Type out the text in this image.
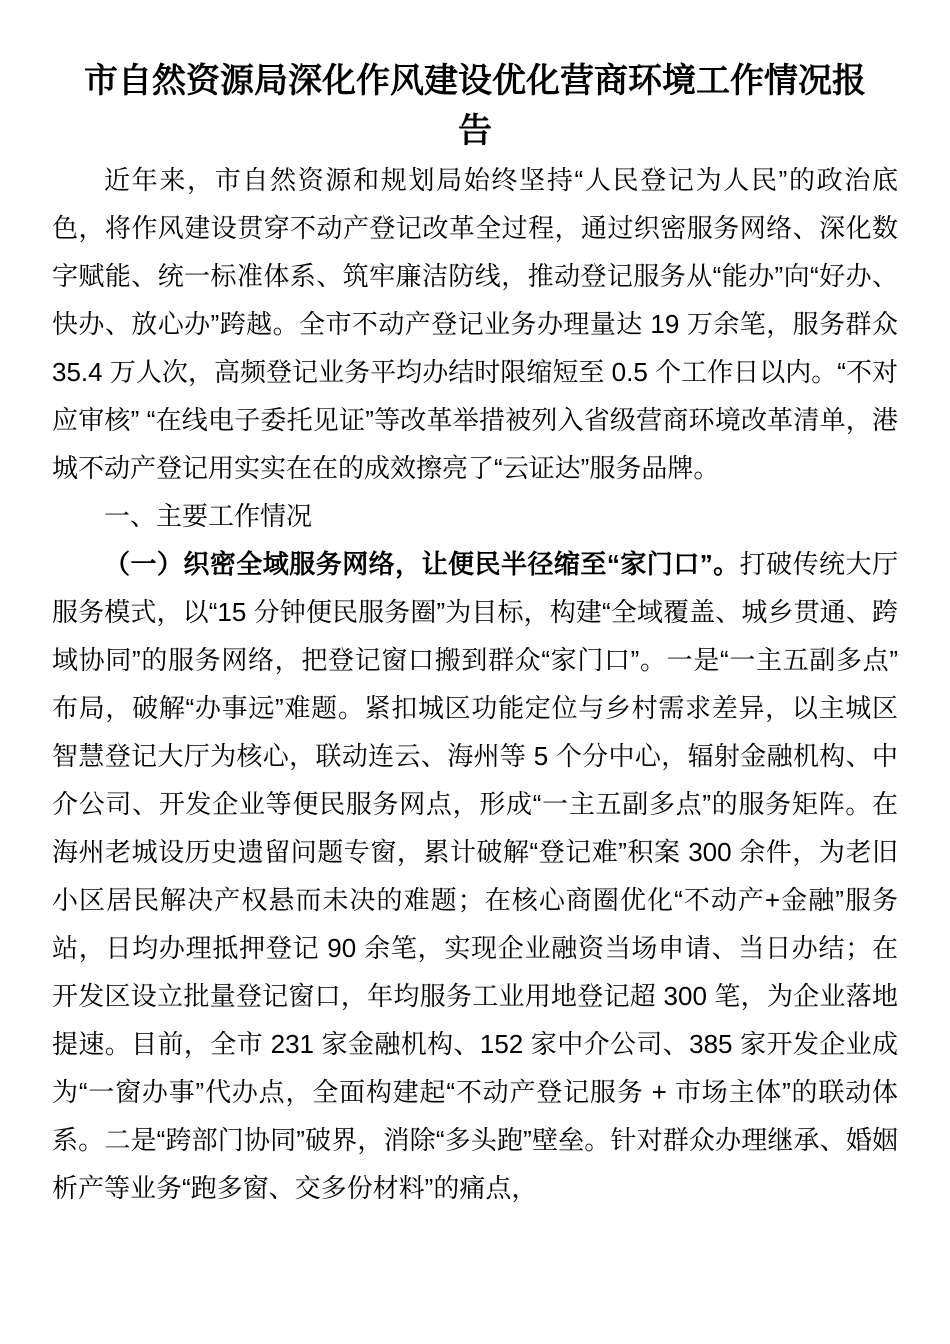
市自然资源局深化作风建设优化营商环境工作情况报告

近年来，市自然资源和规划局始终坚持“人民登记为人民”的政治底色，将作风建设贯穿不动产登记改革全过程，通过织密服务网络、深化数字赋能、统一标准体系、筑牢廉洁防线，推动登记服务从“能办”向“好办、快办、放心办”跨越。全市不动产登记业务办理量达 19 万余笔，服务群众 35.4 万人次，高频登记业务平均办结时限缩短至 0.5 个工作日以内。“不对应审核” “在线电子委托见证”等改革举措被列入省级营商环境改革清单，港城不动产登记用实实在在的成效擦亮了“云证达”服务品牌。

一、主要工作情况

（一）织密全域服务网络，让便民半径缩至“家门口”。打破传统大厅服务模式，以“15 分钟便民服务圈”为目标，构建“全域覆盖、城乡贯通、跨域协同”的服务网络，把登记窗口搬到群众“家门口”。一是“一主五副多点”布局，破解“办事远”难题。紧扣城区功能定位与乡村需求差异，以主城区智慧登记大厅为核心，联动连云、海州等 5 个分中心，辐射金融机构、中介公司、开发企业等便民服务网点，形成“一主五副多点”的服务矩阵。在海州老城设历史遗留问题专窗，累计破解“登记难”积案 300 余件，为老旧小区居民解决产权悬而未决的难题；在核心商圈优化“不动产+金融”服务站，日均办理抵押登记 90 余笔，实现企业融资当场申请、当日办结；在开发区设立批量登记窗口，年均服务工业用地登记超 300 笔，为企业落地提速。目前，全市 231 家金融机构、152 家中介公司、385 家开发企业成为“一窗办事”代办点，全面构建起“不动产登记服务 + 市场主体”的联动体系。二是“跨部门协同”破界，消除“多头跑”壁垒。针对群众办理继承、婚姻析产等业务“跑多窗、交多份材料”的痛点，
